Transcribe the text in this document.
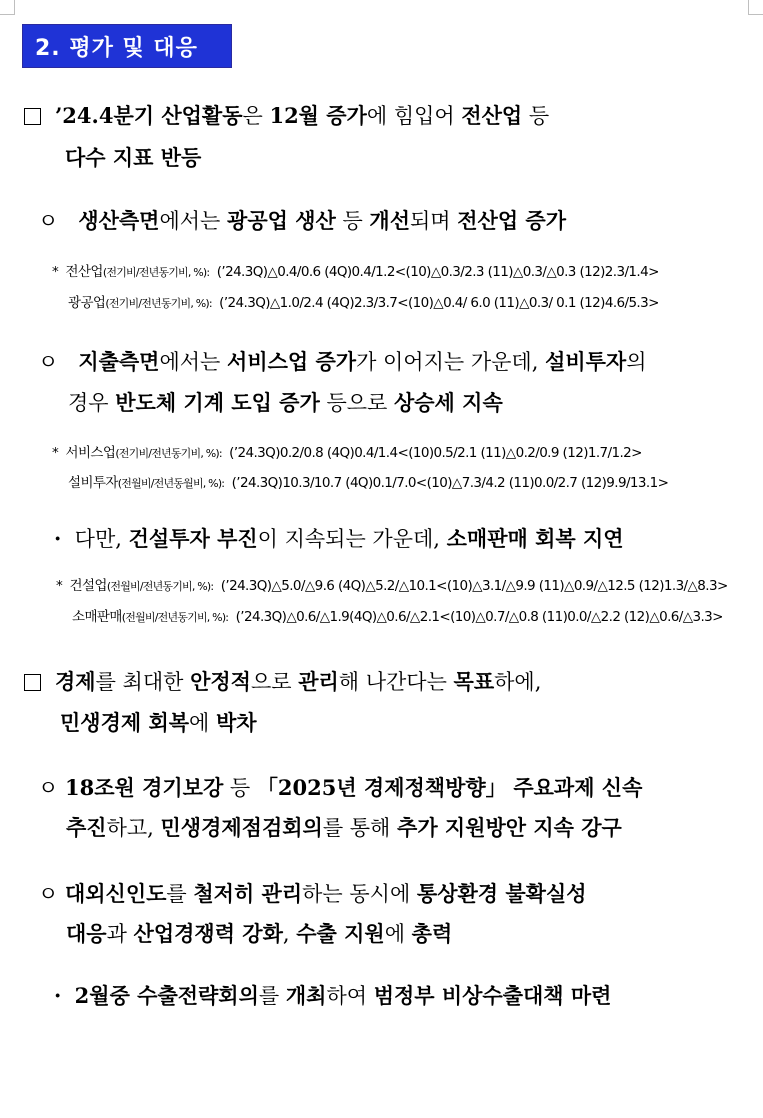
2. 평가 및 대응
’24.4분기 산업활동은 12월 증가에 힘입어 전산업 등
다수 지표 반등
ㅇ 생산측면에서는 광공업 생산 등 개선되며 전산업 증가
* 전산업(전기비/전년동기비, %): (’24.3Q)△0.4/0.6 (4Q)0.4/1.2<(10)△0.3/2.3 (11)△0.3/△0.3 (12)2.3/1.4>
광공업(전기비/전년동기비, %): (’24.3Q)△1.0/2.4 (4Q)2.3/3.7<(10)△0.4/ 6.0 (11)△0.3/ 0.1 (12)4.6/5.3>
ㅇ 지출측면에서는 서비스업 증가가 이어지는 가운데, 설비투자의
경우 반도체 기계 도입 증가 등으로 상승세 지속
* 서비스업(전기비/전년동기비, %): (’24.3Q)0.2/0.8 (4Q)0.4/1.4<(10)0.5/2.1 (11)△0.2/0.9 (12)1.7/1.2>
설비투자(전월비/전년동월비, %): (’24.3Q)10.3/10.7 (4Q)0.1/7.0<(10)△7.3/4.2 (11)0.0/2.7 (12)9.9/13.1>
· 다만, 건설투자 부진이 지속되는 가운데, 소매판매 회복 지연
* 건설업(전월비/전년동기비, %): (’24.3Q)△5.0/△9.6 (4Q)△5.2/△10.1<(10)△3.1/△9.9 (11)△0.9/△12.5 (12)1.3/△8.3>
소매판매(전월비/전년동기비, %): (’24.3Q)△0.6/△1.9(4Q)△0.6/△2.1<(10)△0.7/△0.8 (11)0.0/△2.2 (12)△0.6/△3.3>
경제를 최대한 안정적으로 관리해 나간다는 목표하에,
민생경제 회복에 박차
ㅇ 18조원 경기보강 등 「2025년 경제정책방향」 주요과제 신속
추진하고, 민생경제점검회의를 통해 추가 지원방안 지속 강구
ㅇ 대외신인도를 철저히 관리하는 동시에 통상환경 불확실성
대응과 산업경쟁력 강화, 수출 지원에 총력
· 2월중 수출전략회의를 개최하여 범정부 비상수출대책 마련
